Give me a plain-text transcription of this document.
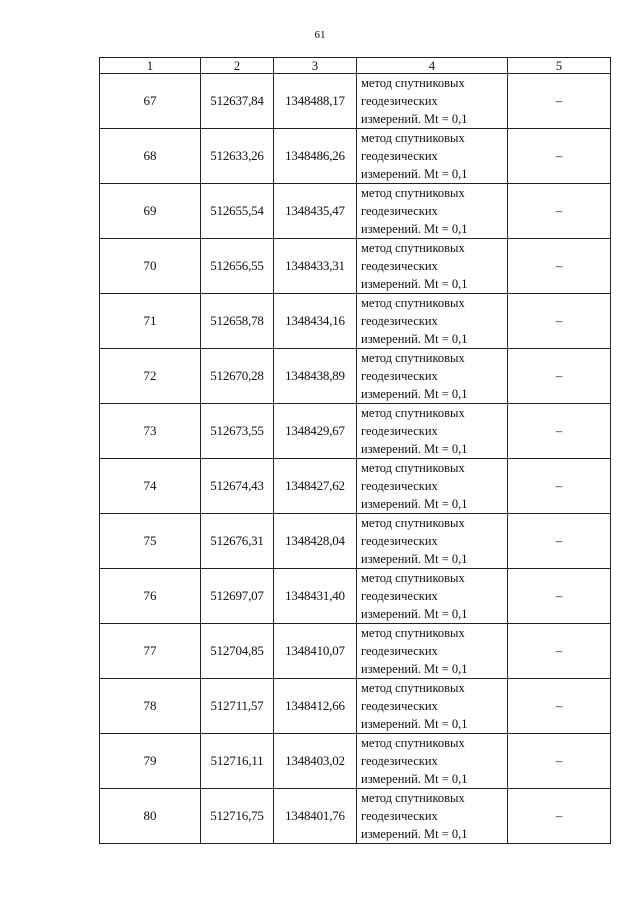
61
1	2	3	4	5
67	512637,84	1348488,17	метод спутниковых
геодезических
измерений. Mt = 0,1	–
68	512633,26	1348486,26	метод спутниковых
геодезических
измерений. Mt = 0,1	–
69	512655,54	1348435,47	метод спутниковых
геодезических
измерений. Mt = 0,1	–
70	512656,55	1348433,31	метод спутниковых
геодезических
измерений. Mt = 0,1	–
71	512658,78	1348434,16	метод спутниковых
геодезических
измерений. Mt = 0,1	–
72	512670,28	1348438,89	метод спутниковых
геодезических
измерений. Mt = 0,1	–
73	512673,55	1348429,67	метод спутниковых
геодезических
измерений. Mt = 0,1	–
74	512674,43	1348427,62	метод спутниковых
геодезических
измерений. Mt = 0,1	–
75	512676,31	1348428,04	метод спутниковых
геодезических
измерений. Mt = 0,1	–
76	512697,07	1348431,40	метод спутниковых
геодезических
измерений. Mt = 0,1	–
77	512704,85	1348410,07	метод спутниковых
геодезических
измерений. Mt = 0,1	–
78	512711,57	1348412,66	метод спутниковых
геодезических
измерений. Mt = 0,1	–
79	512716,11	1348403,02	метод спутниковых
геодезических
измерений. Mt = 0,1	–
80	512716,75	1348401,76	метод спутниковых
геодезических
измерений. Mt = 0,1	–
